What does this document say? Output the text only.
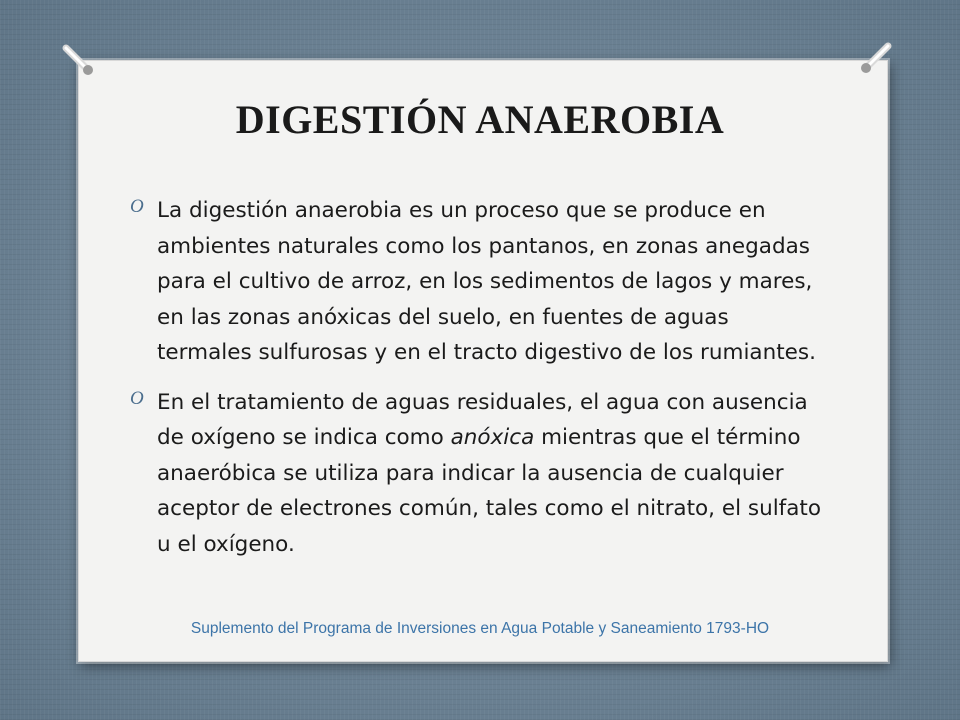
DIGESTIÓN ANAEROBIA
O La digestión anaerobia es un proceso que se produce en ambientes naturales como los pantanos, en zonas anegadas para el cultivo de arroz, en los sedimentos de lagos y mares, en las zonas anóxicas del suelo, en fuentes de aguas termales sulfurosas y en el tracto digestivo de los rumiantes.
O En el tratamiento de aguas residuales, el agua con ausencia de oxígeno se indica como anóxica mientras que el término anaeróbica se utiliza para indicar la ausencia de cualquier aceptor de electrones común, tales como el nitrato, el sulfato u el oxígeno.
Suplemento del Programa de Inversiones en Agua Potable y Saneamiento 1793-HO
